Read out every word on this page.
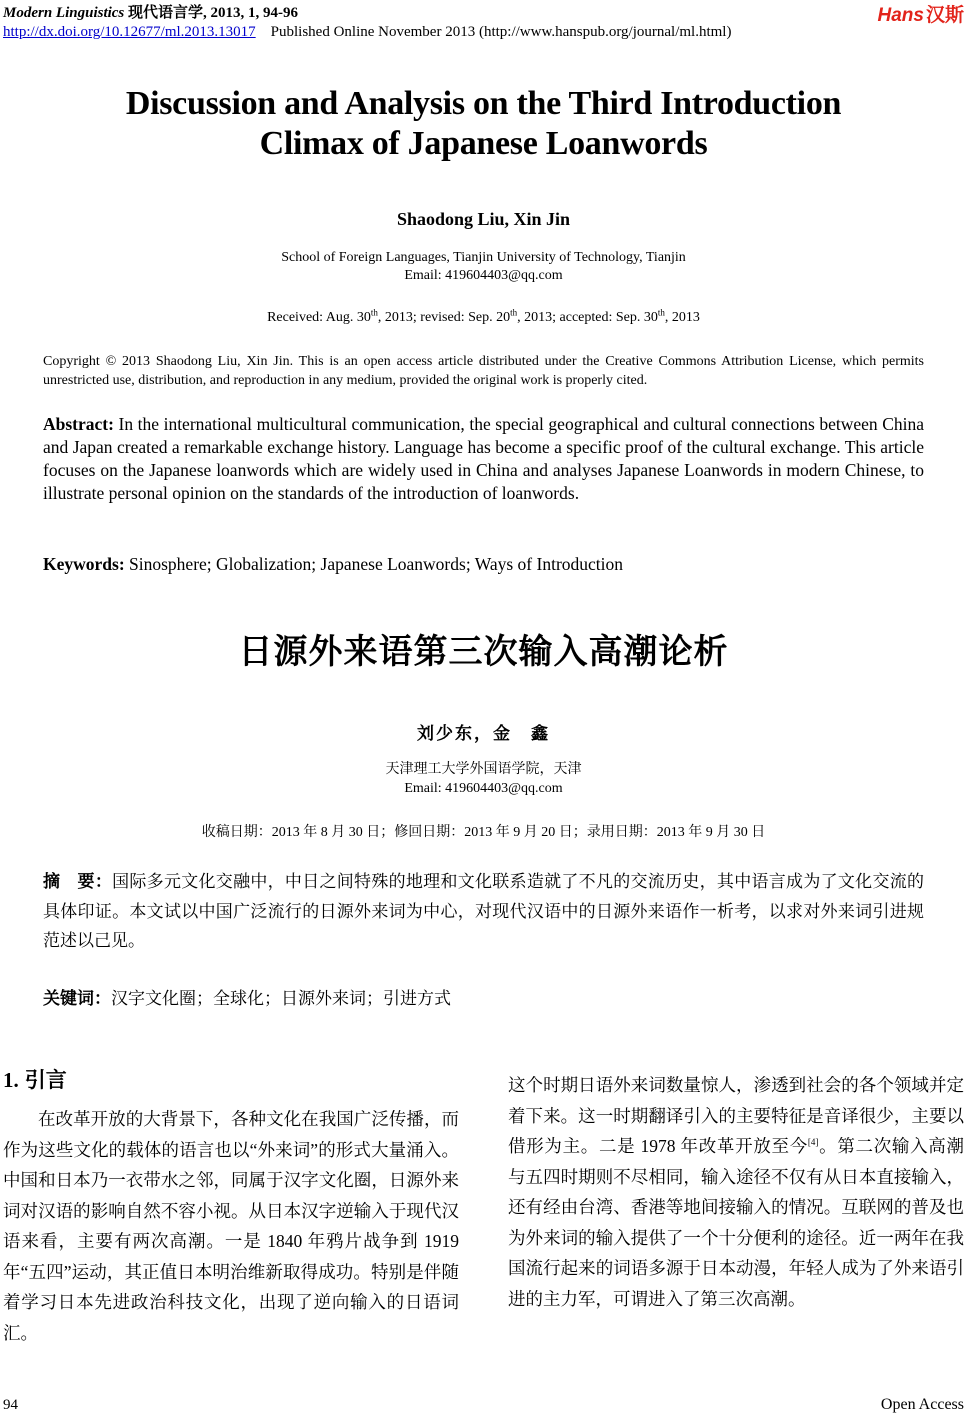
Modern Linguistics 现代语言学, 2013, 1, 94-96
http://dx.doi.org/10.12677/ml.2013.13017 Published Online November 2013 (http://www.hanspub.org/journal/ml.html)
Hans 汉斯
Discussion and Analysis on the Third Introduction
Climax of Japanese Loanwords
Shaodong Liu, Xin Jin
School of Foreign Languages, Tianjin University of Technology, Tianjin
Email: 419604403@qq.com
Received: Aug. 30th, 2013; revised: Sep. 20th, 2013; accepted: Sep. 30th, 2013
Copyright © 2013 Shaodong Liu, Xin Jin. This is an open access article distributed under the Creative Commons Attribution License, which permits unrestricted use, distribution, and reproduction in any medium, provided the original work is properly cited.
Abstract: In the international multicultural communication, the special geographical and cultural connections between China and Japan created a remarkable exchange history. Language has become a specific proof of the cultural exchange. This article focuses on the Japanese loanwords which are widely used in China and analyses Japanese Loanwords in modern Chinese, to illustrate personal opinion on the standards of the introduction of loanwords.
Keywords: Sinosphere; Globalization; Japanese Loanwords; Ways of Introduction
日源外来语第三次输入高潮论析
刘少东，金　鑫
天津理工大学外国语学院，天津
Email: 419604403@qq.com
收稿日期：2013 年 8 月 30 日；修回日期：2013 年 9 月 20 日；录用日期：2013 年 9 月 30 日
摘　要：国际多元文化交融中，中日之间特殊的地理和文化联系造就了不凡的交流历史，其中语言成为了文化交流的具体印证。本文试以中国广泛流行的日源外来词为中心，对现代汉语中的日源外来语作一析考，以求对外来词引进规范述以己见。
关键词：汉字文化圈；全球化；日源外来词；引进方式
1. 引言
在改革开放的大背景下，各种文化在我国广泛传播，而作为这些文化的载体的语言也以“外来词”的形式大量涌入。中国和日本乃一衣带水之邻，同属于汉字文化圈，日源外来词对汉语的影响自然不容小视。从日本汉字逆输入于现代汉语来看，主要有两次高潮。一是 1840 年鸦片战争到 1919 年“五四”运动，其正值日本明治维新取得成功。特别是伴随着学习日本先进政治科技文化，出现了逆向输入的日语词汇。
这个时期日语外来词数量惊人，渗透到社会的各个领域并定着下来。这一时期翻译引入的主要特征是音译很少，主要以借形为主。二是 1978 年改革开放至今[4]。第二次输入高潮与五四时期则不尽相同，输入途径不仅有从日本直接输入，还有经由台湾、香港等地间接输入的情况。互联网的普及也为外来词的输入提供了一个十分便利的途径。近一两年在我国流行起来的词语多源于日本动漫，年轻人成为了外来语引进的主力军，可谓进入了第三次高潮。
94	Open Access
